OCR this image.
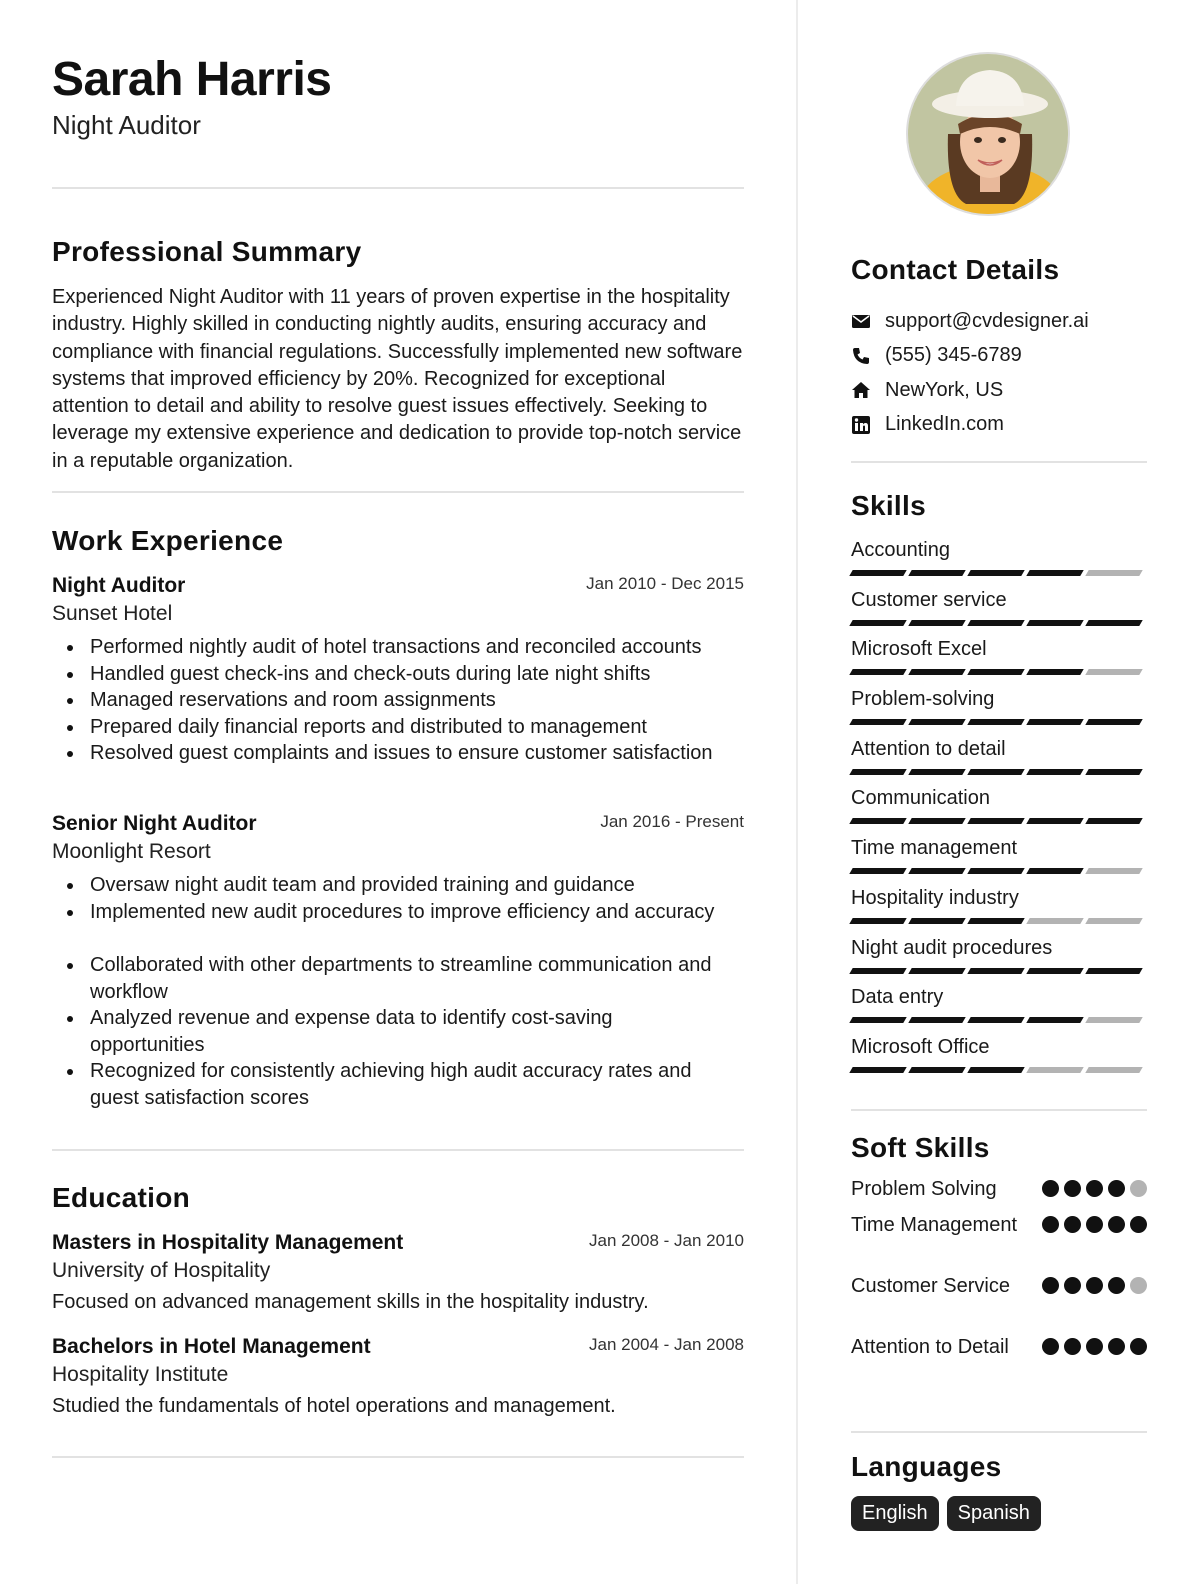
Sarah Harris
Night Auditor
Professional Summary
Experienced Night Auditor with 11 years of proven expertise in the hospitality industry. Highly skilled in conducting nightly audits, ensuring accuracy and compliance with financial regulations. Successfully implemented new software systems that improved efficiency by 20%. Recognized for exceptional attention to detail and ability to resolve guest issues effectively. Seeking to leverage my extensive experience and dedication to provide top-notch service in a reputable organization.
Work Experience
Night Auditor	Jan 2010 - Dec 2015
Sunset Hotel
Performed nightly audit of hotel transactions and reconciled accounts
Handled guest check-ins and check-outs during late night shifts
Managed reservations and room assignments
Prepared daily financial reports and distributed to management
Resolved guest complaints and issues to ensure customer satisfaction
Senior Night Auditor	Jan 2016 - Present
Moonlight Resort
Oversaw night audit team and provided training and guidance
Implemented new audit procedures to improve efficiency and accuracy
Collaborated with other departments to streamline communication and workflow
Analyzed revenue and expense data to identify cost-saving opportunities
Recognized for consistently achieving high audit accuracy rates and guest satisfaction scores
Education
Masters in Hospitality Management	Jan 2008 - Jan 2010
University of Hospitality
Focused on advanced management skills in the hospitality industry.
Bachelors in Hotel Management	Jan 2004 - Jan 2008
Hospitality Institute
Studied the fundamentals of hotel operations and management.
Contact Details
support@cvdesigner.ai
(555) 345-6789
NewYork, US
LinkedIn.com
Skills
Accounting
Customer service
Microsoft Excel
Problem-solving
Attention to detail
Communication
Time management
Hospitality industry
Night audit procedures
Data entry
Microsoft Office
Soft Skills
Problem Solving
Time Management
Customer Service
Attention to Detail
Languages
English	Spanish
